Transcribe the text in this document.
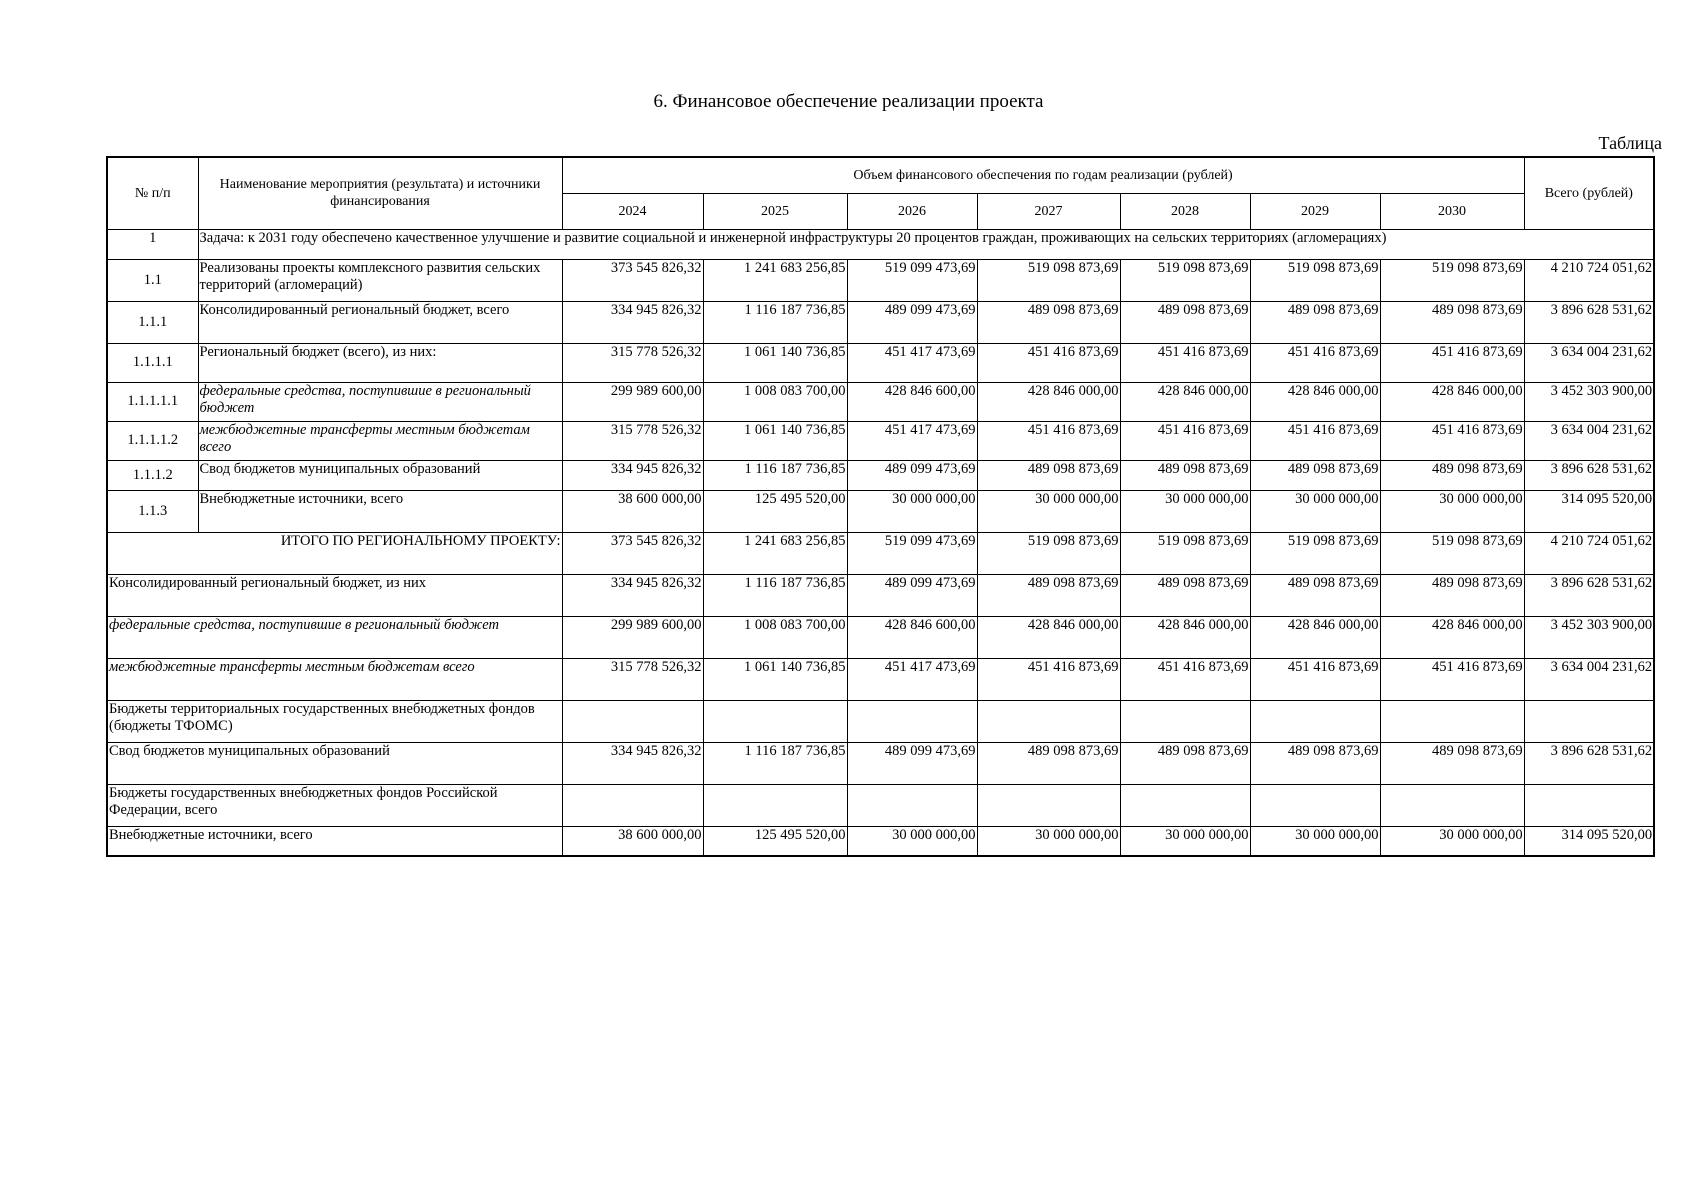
6. Финансовое обеспечение реализации проекта
Таблица
№ п/п	Наименование мероприятия (результата) и источники финансирования	Объем финансового обеспечения по годам реализации (рублей)							Всего (рублей)
		2024	2025	2026	2027	2028	2029	2030	
1	Задача: к 2031 году обеспечено качественное улучшение и развитие социальной и инженерной инфраструктуры 20 процентов граждан, проживающих на сельских территориях (агломерациях)								
1.1	Реализованы проекты комплексного развития сельских территорий (агломераций)	373 545 826,32	1 241 683 256,85	519 099 473,69	519 098 873,69	519 098 873,69	519 098 873,69	519 098 873,69	4 210 724 051,62
1.1.1	Консолидированный региональный бюджет, всего	334 945 826,32	1 116 187 736,85	489 099 473,69	489 098 873,69	489 098 873,69	489 098 873,69	489 098 873,69	3 896 628 531,62
1.1.1.1	Региональный бюджет (всего), из них:	315 778 526,32	1 061 140 736,85	451 417 473,69	451 416 873,69	451 416 873,69	451 416 873,69	451 416 873,69	3 634 004 231,62
1.1.1.1.1	федеральные средства, поступившие в региональный бюджет	299 989 600,00	1 008 083 700,00	428 846 600,00	428 846 000,00	428 846 000,00	428 846 000,00	428 846 000,00	3 452 303 900,00
1.1.1.1.2	межбюджетные трансферты местным бюджетам всего	315 778 526,32	1 061 140 736,85	451 417 473,69	451 416 873,69	451 416 873,69	451 416 873,69	451 416 873,69	3 634 004 231,62
1.1.1.2	Свод бюджетов муниципальных образований	334 945 826,32	1 116 187 736,85	489 099 473,69	489 098 873,69	489 098 873,69	489 098 873,69	489 098 873,69	3 896 628 531,62
1.1.3	Внебюджетные источники, всего	38 600 000,00	125 495 520,00	30 000 000,00	30 000 000,00	30 000 000,00	30 000 000,00	30 000 000,00	314 095 520,00
ИТОГО ПО РЕГИОНАЛЬНОМУ ПРОЕКТУ:		373 545 826,32	1 241 683 256,85	519 099 473,69	519 098 873,69	519 098 873,69	519 098 873,69	519 098 873,69	4 210 724 051,62
Консолидированный региональный бюджет, из них		334 945 826,32	1 116 187 736,85	489 099 473,69	489 098 873,69	489 098 873,69	489 098 873,69	489 098 873,69	3 896 628 531,62
федеральные средства, поступившие в региональный бюджет		299 989 600,00	1 008 083 700,00	428 846 600,00	428 846 000,00	428 846 000,00	428 846 000,00	428 846 000,00	3 452 303 900,00
межбюджетные трансферты местным бюджетам всего		315 778 526,32	1 061 140 736,85	451 417 473,69	451 416 873,69	451 416 873,69	451 416 873,69	451 416 873,69	3 634 004 231,62
Бюджеты территориальных государственных внебюджетных фондов (бюджеты ТФОМС)									
Свод бюджетов муниципальных образований		334 945 826,32	1 116 187 736,85	489 099 473,69	489 098 873,69	489 098 873,69	489 098 873,69	489 098 873,69	3 896 628 531,62
Бюджеты государственных внебюджетных фондов Российской Федерации, всего									
Внебюджетные источники, всего		38 600 000,00	125 495 520,00	30 000 000,00	30 000 000,00	30 000 000,00	30 000 000,00	30 000 000,00	314 095 520,00
